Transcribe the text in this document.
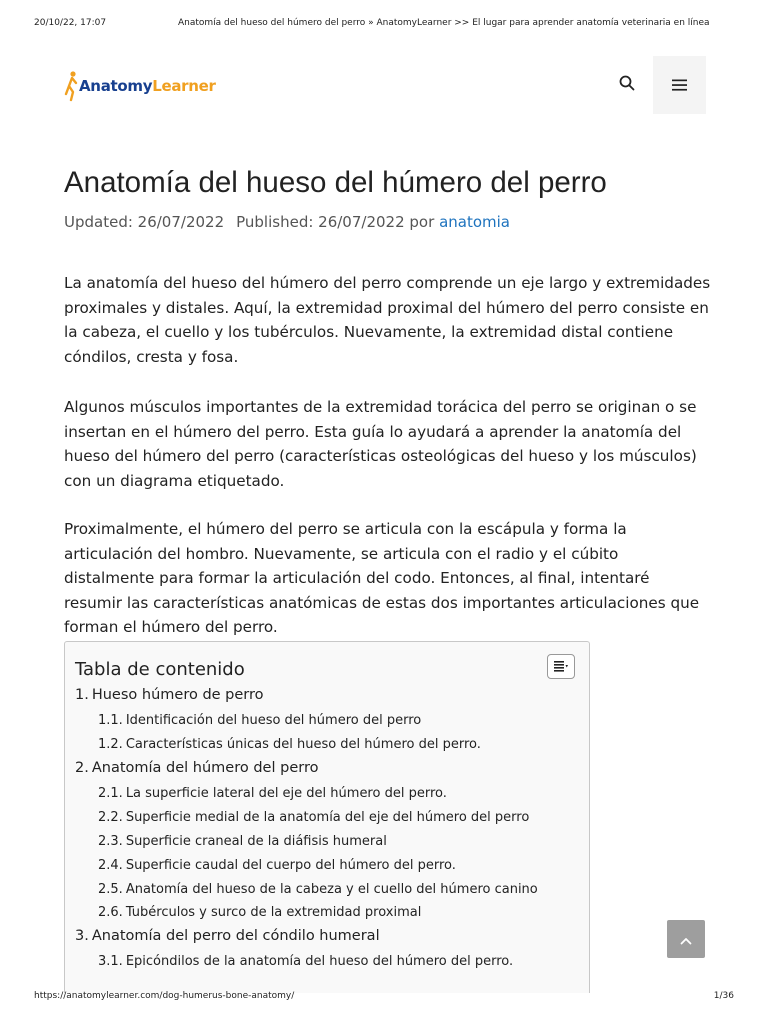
20/10/22, 17:07	Anatomía del hueso del húmero del perro » AnatomyLearner >> El lugar para aprender anatomía veterinaria en línea
AnatomyLearner
Anatomía del hueso del húmero del perro
Updated: 26/07/2022 Published: 26/07/2022 por anatomia

La anatomía del hueso del húmero del perro comprende un eje largo y extremidades proximales y distales. Aquí, la extremidad proximal del húmero del perro consiste en la cabeza, el cuello y los tubérculos. Nuevamente, la extremidad distal contiene cóndilos, cresta y fosa.

Algunos músculos importantes de la extremidad torácica del perro se originan o se insertan en el húmero del perro. Esta guía lo ayudará a aprender la anatomía del hueso del húmero del perro (características osteológicas del hueso y los músculos) con un diagrama etiquetado.

Proximalmente, el húmero del perro se articula con la escápula y forma la articulación del hombro. Nuevamente, se articula con el radio y el cúbito distalmente para formar la articulación del codo. Entonces, al final, intentaré resumir las características anatómicas de estas dos importantes articulaciones que forman el húmero del perro.

Tabla de contenido
1. Hueso húmero de perro
1.1. Identificación del hueso del húmero del perro
1.2. Características únicas del hueso del húmero del perro.
2. Anatomía del húmero del perro
2.1. La superficie lateral del eje del húmero del perro.
2.2. Superficie medial de la anatomía del eje del húmero del perro
2.3. Superficie craneal de la diáfisis humeral
2.4. Superficie caudal del cuerpo del húmero del perro.
2.5. Anatomía del hueso de la cabeza y el cuello del húmero canino
2.6. Tubérculos y surco de la extremidad proximal
3. Anatomía del perro del cóndilo humeral
3.1. Epicóndilos de la anatomía del hueso del húmero del perro.
https://anatomylearner.com/dog-humerus-bone-anatomy/	1/36
